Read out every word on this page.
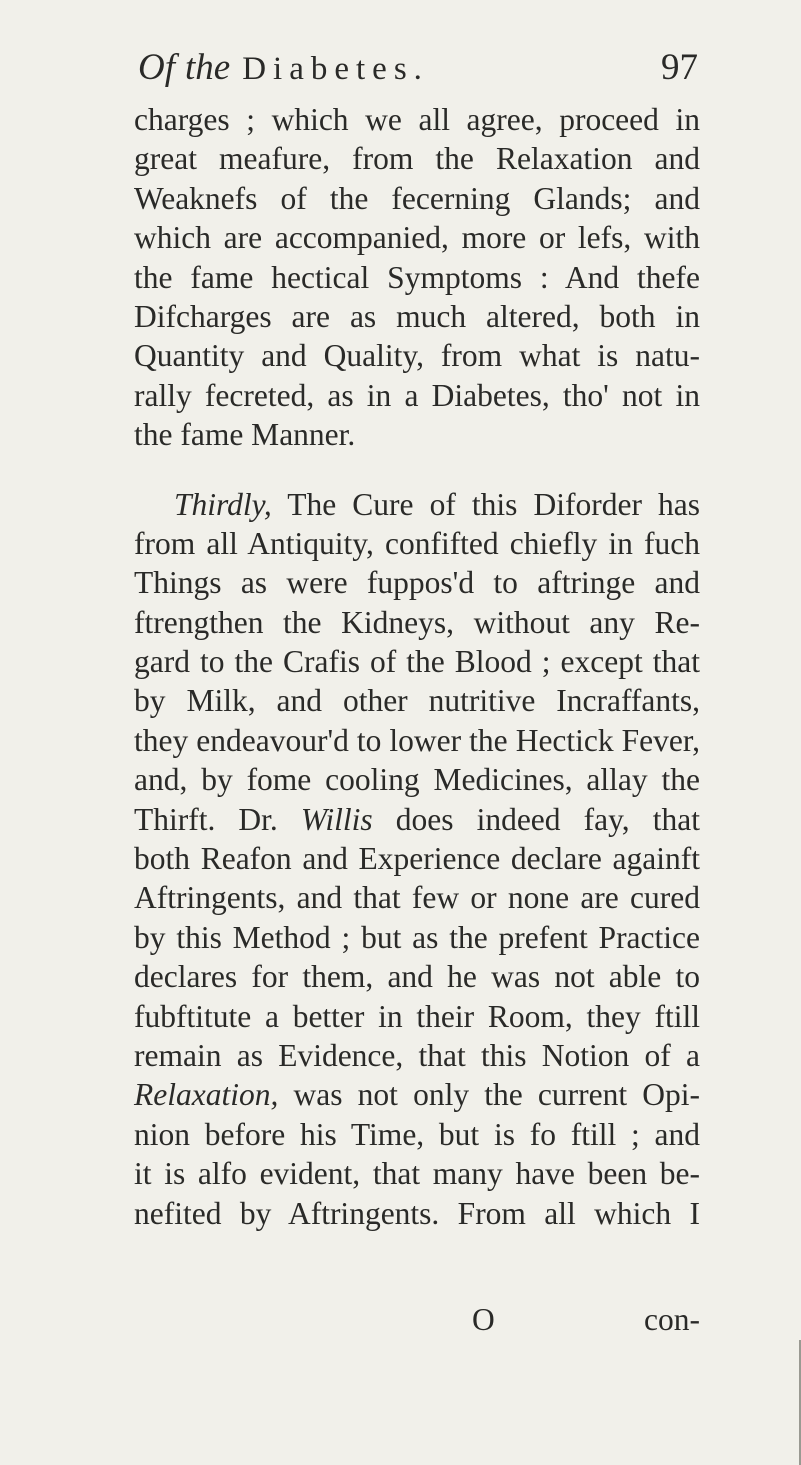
Of the Diabetes.	97
charges ; which we all agree, proceed in
great meafure, from the Relaxation and
Weaknefs of the fecerning Glands; and
which are accompanied, more or lefs, with
the fame hectical Symptoms : And thefe
Difcharges are as much altered, both in
Quantity and Quality, from what is natu-
rally fecreted, as in a Diabetes, tho' not in
the fame Manner.
Thirdly, The Cure of this Diforder has
from all Antiquity, confifted chiefly in fuch
Things as were fuppos'd to aftringe and
ftrengthen the Kidneys, without any Re-
gard to the Crafis of the Blood ; except that
by Milk, and other nutritive Incraffants,
they endeavour'd to lower the Hectick Fever,
and, by fome cooling Medicines, allay the
Thirft. Dr. Willis does indeed fay, that
both Reafon and Experience declare againft
Aftringents, and that few or none are cured
by this Method ; but as the prefent Practice
declares for them, and he was not able to
fubftitute a better in their Room, they ftill
remain as Evidence, that this Notion of a
Relaxation, was not only the current Opi-
nion before his Time, but is fo ftill ; and
it is alfo evident, that many have been be-
nefited by Aftringents. From all which I
O	con-
